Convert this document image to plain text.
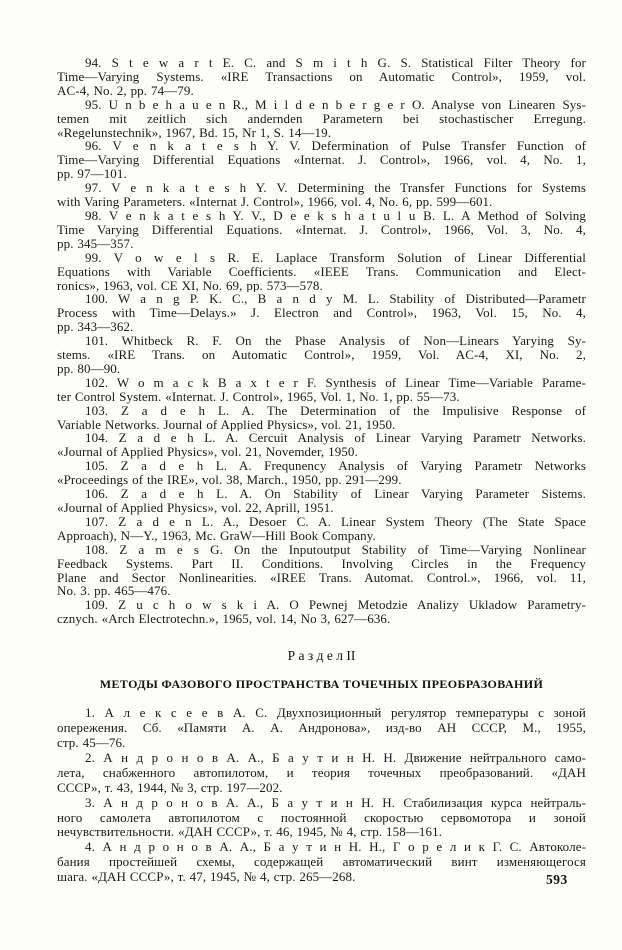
94. S t e w a r t E. C. and S m i t h G. S. Statistical Filter Theory for
Time—Varying Systems. «IRE Transactions on Automatic Control», 1959, vol.
AC-4, No. 2, pp. 74—79.
95. U n b e h a u e n R., M i l d e n b e r g e r O. Analyse von Linearen Sys-
temen mit zeitlich sich andernden Parametern bei stochastischer Erregung.
«Regelunstechnik», 1967, Bd. 15, Nr 1, S. 14—19.
96. V e n k a t e s h Y. V. Defermination of Pulse Transfer Function of
Time—Varying Differential Equations «Internat. J. Control», 1966, vol. 4, No. 1,
pp. 97—101.
97. V e n k a t e s h Y. V. Determining the Transfer Functions for Systems
with Varing Parameters. «Internat J. Control», 1966, vol. 4, No. 6, pp. 599—601.
98. V e n k a t e s h Y. V., D e e k s h a t u l u B. L. A Method of Solving
Time Varying Differential Equations. «Internat. J. Control», 1966, Vol. 3, No. 4,
pp. 345—357.
99. V o w e l s R. E. Laplace Transform Solution of Linear Differential
Equations with Variable Coefficients. «IEEE Trans. Communication and Elect-
ronics», 1963, vol. CE XI, No. 69, pp. 573—578.
100. W a n g P. K. C., B a n d y M. L. Stability of Distributed—Parametr
Process with Time—Delays.» J. Electron and Control», 1963, Vol. 15, No. 4,
pp. 343—362.
101. Whitbeck R. F. On the Phase Analysis of Non—Linears Yarying Sy-
stems. «IRE Trans. on Automatic Control», 1959, Vol. AC-4, XI, No. 2,
pp. 80—90.
102. W o m a c k B a x t e r F. Synthesis of Linear Time—Variable Parame-
ter Control System. «Internat. J. Control», 1965, Vol. 1, No. 1, pp. 55—73.
103. Z a d e h L. A. The Determination of the Impulisive Response of
Variable Networks. Journal of Applied Physics», vol. 21, 1950.
104. Z a d e h L. A. Cercuit Analysis of Linear Varying Parametr Networks.
«Journal of Applied Physics», vol. 21, Novemder, 1950.
105. Z a d e h L. A. Frequnency Analysis of Varying Parametr Networks
«Proceedings of the IRE», vol. 38, March., 1950, pp. 291—299.
106. Z a d e h L. A. On Stability of Linear Varying Parameter Sistems.
«Journal of Applied Physics», vol. 22, Aprill, 1951.
107. Z a d e n L. A., Desoer C. A. Linear System Theory (The State Space
Approach), N—Y., 1963, Mc. GraW—Hill Book Company.
108. Z a m e s G. On the Inputoutput Stability of Time—Varying Nonlinear
Feedback Systems. Part II. Conditions. Involving Circles in the Frequency
Plane and Sector Nonlinearities. «IREE Trans. Automat. Control.», 1966, vol. 11,
No. 3. pp. 465—476.
109. Z u c h o w s k i A. O Pewnej Metodzie Analizy Ukladow Parametry-
cznych. «Arch Electrotechn.», 1965, vol. 14, No 3, 627—636.
Р а з д е л II
МЕТОДЫ ФАЗОВОГО ПРОСТРАНСТВА ТОЧЕЧНЫХ ПРЕОБРАЗОВАНИЙ
1. А л е к с е е в А. С. Двухпозиционный регулятор температуры с зоной
опережения. Сб. «Памяти А. А. Андронова», изд-во АН СССР, М., 1955,
стр. 45—76.
2. А н д р о н о в А. А., Б а у т и н Н. Н. Движение нейтрального само-
лета, снабженного автопилотом, и теория точечных преобразований. «ДАН
СССР», т. 43, 1944, № 3, стр. 197—202.
3. А н д р о н о в А. А., Б а у т и н Н. Н. Стабилизация курса нейтраль-
ного самолета автопилотом с постоянной скоростью сервомотора и зоной
нечувствительности. «ДАН СССР», т. 46, 1945, № 4, стр. 158—161.
4. А н д р о н о в А. А., Б а у т и н Н. Н., Г о р е л и к Г. С. Автоколе-
бания простейшей схемы, содержащей автоматический винт изменяющегося
шага. «ДАН СССР», т. 47, 1945, № 4, стр. 265—268.	593
